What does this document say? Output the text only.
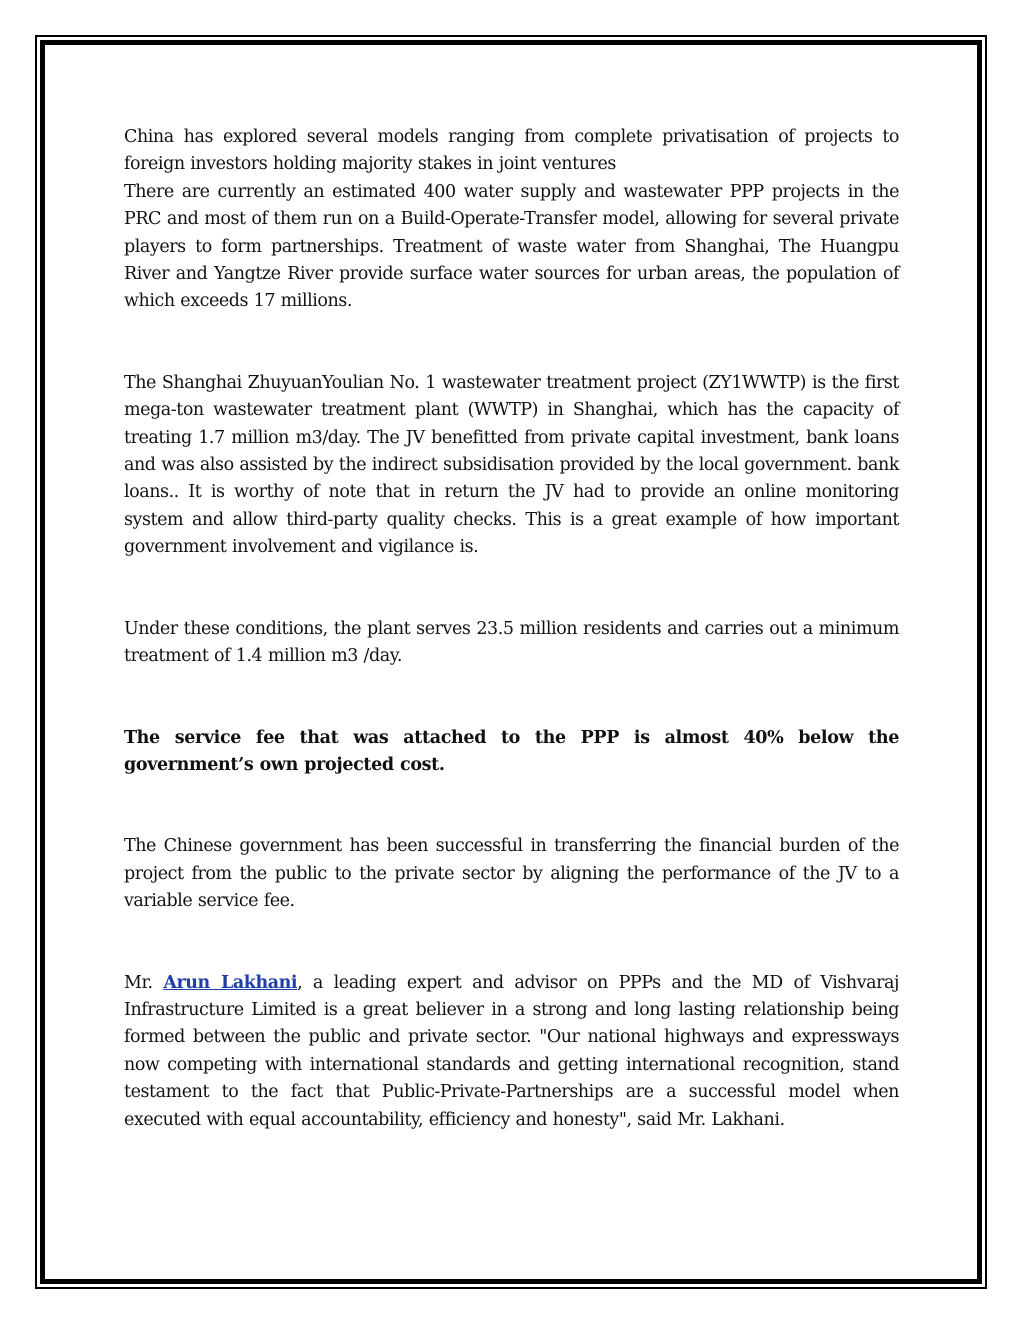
China has explored several models ranging from complete privatisation of projects to foreign investors holding majority stakes in joint ventures

There are currently an estimated 400 water supply and wastewater PPP projects in the PRC and most of them run on a Build-Operate-Transfer model, allowing for several private players to form partnerships. Treatment of waste water from Shanghai, The Huangpu River and Yangtze River provide surface water sources for urban areas, the population of which exceeds 17 millions.

The Shanghai ZhuyuanYoulian No. 1 wastewater treatment project (ZY1WWTP) is the first mega-ton wastewater treatment plant (WWTP) in Shanghai, which has the capacity of treating 1.7 million m3/day. The JV benefitted from private capital investment, bank loans and was also assisted by the indirect subsidisation provided by the local government. bank loans.. It is worthy of note that in return the JV had to provide an online monitoring system and allow third-party quality checks. This is a great example of how important government involvement and vigilance is.

Under these conditions, the plant serves 23.5 million residents and carries out a minimum treatment of 1.4 million m3 /day.

The service fee that was attached to the PPP is almost 40% below the government’s own projected cost.

The Chinese government has been successful in transferring the financial burden of the project from the public to the private sector by aligning the performance of the JV to a variable service fee.

Mr. Arun Lakhani, a leading expert and advisor on PPPs and the MD of Vishvaraj Infrastructure Limited is a great believer in a strong and long lasting relationship being formed between the public and private sector. "Our national highways and expressways now competing with international standards and getting international recognition, stand testament to the fact that Public-Private-Partnerships are a successful model when executed with equal accountability, efficiency and honesty", said Mr. Lakhani.
